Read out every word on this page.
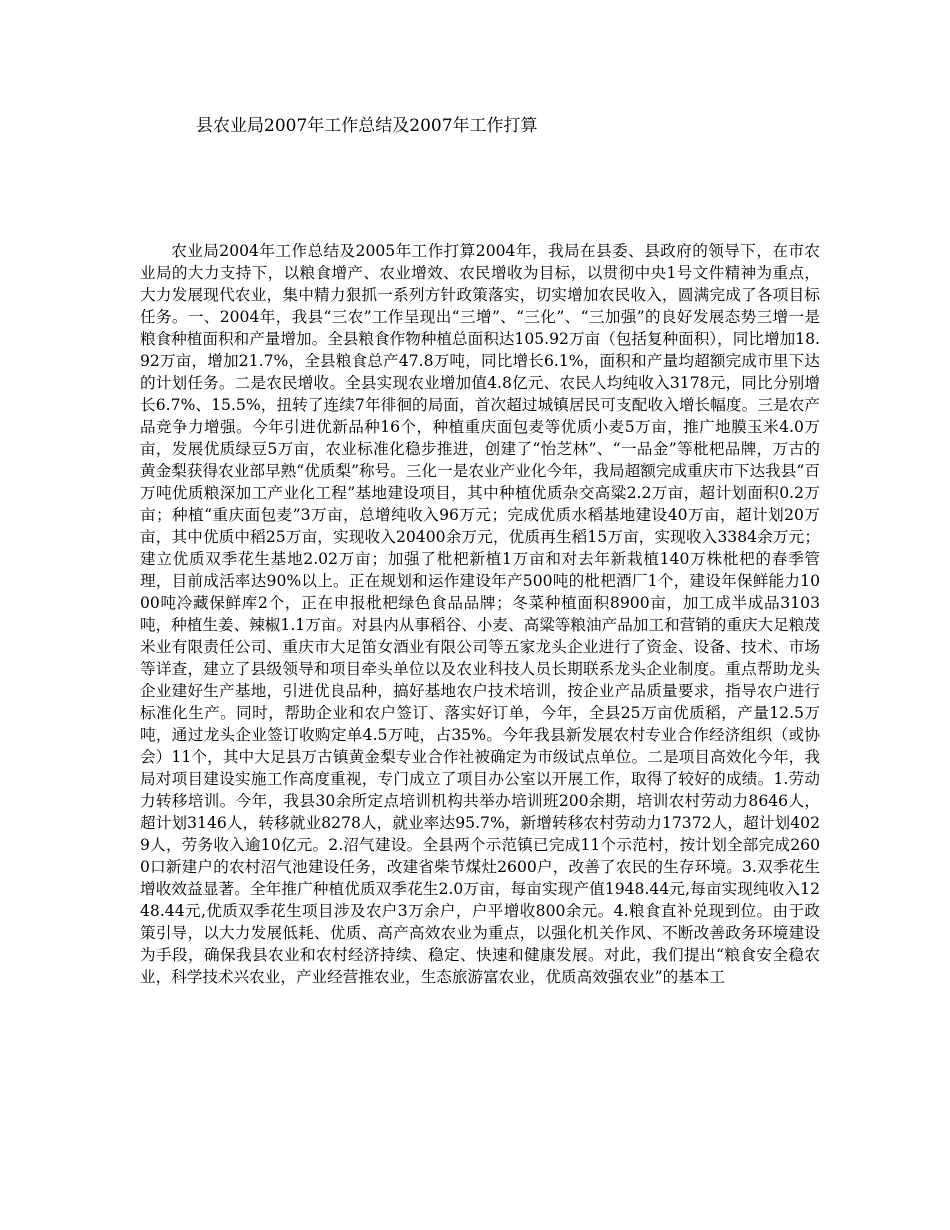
县农业局2007年工作总结及2007年工作打算

农业局2004年工作总结及2005年工作打算2004年，我局在县委、县政府的领导下，在市农业局的大力支持下，以粮食增产、农业增效、农民增收为目标，以贯彻中央1号文件精神为重点，大力发展现代农业，集中精力狠抓一系列方针政策落实，切实增加农民收入，圆满完成了各项目标任务。一、2004年，我县“三农”工作呈现出“三增”、“三化”、“三加强”的良好发展态势三增一是粮食种植面积和产量增加。全县粮食作物种植总面积达105.92万亩（包括复种面积），同比增加18.92万亩，增加21.7%，全县粮食总产47.8万吨，同比增长6.1%，面积和产量均超额完成市里下达的计划任务。二是农民增收。全县实现农业增加值4.8亿元、农民人均纯收入3178元，同比分别增长6.7%、15.5%，扭转了连续7年徘徊的局面，首次超过城镇居民可支配收入增长幅度。三是农产品竞争力增强。今年引进优新品种16个，种植重庆面包麦等优质小麦5万亩，推广地膜玉米4.0万亩，发展优质绿豆5万亩，农业标准化稳步推进，创建了“怡芝林”、“一品金”等枇杷品牌，万古的黄金梨获得农业部早熟“优质梨”称号。三化一是农业产业化今年，我局超额完成重庆市下达我县“百万吨优质粮深加工产业化工程”基地建设项目，其中种植优质杂交高粱2.2万亩，超计划面积0.2万亩；种植“重庆面包麦”3万亩，总增纯收入96万元；完成优质水稻基地建设40万亩，超计划20万亩，其中优质中稻25万亩，实现收入20400余万元，优质再生稻15万亩，实现收入3384余万元；建立优质双季花生基地2.02万亩；加强了枇杷新植1万亩和对去年新栽植140万株枇杷的春季管理，目前成活率达90%以上。正在规划和运作建设年产500吨的枇杷酒厂1个，建设年保鲜能力1000吨冷藏保鲜库2个，正在申报枇杷绿色食品品牌；冬菜种植面积8900亩，加工成半成品3103吨，种植生姜、辣椒1.1万亩。对县内从事稻谷、小麦、高粱等粮油产品加工和营销的重庆大足粮茂米业有限责任公司、重庆市大足笛女酒业有限公司等五家龙头企业进行了资金、设备、技术、市场等详查，建立了县级领导和项目牵头单位以及农业科技人员长期联系龙头企业制度。重点帮助龙头企业建好生产基地，引进优良品种，搞好基地农户技术培训，按企业产品质量要求，指导农户进行标准化生产。同时，帮助企业和农户签订、落实好订单，今年，全县25万亩优质稻，产量12.5万吨，通过龙头企业签订收购定单4.5万吨，占35%。今年我县新发展农村专业合作经济组织（或协会）11个，其中大足县万古镇黄金梨专业合作社被确定为市级试点单位。二是项目高效化今年，我局对项目建设实施工作高度重视，专门成立了项目办公室以开展工作，取得了较好的成绩。1.劳动力转移培训。今年，我县30余所定点培训机构共举办培训班200余期，培训农村劳动力8646人，超计划3146人，转移就业8278人，就业率达95.7%，新增转移农村劳动力17372人，超计划4029人，劳务收入逾10亿元。2.沼气建设。全县两个示范镇已完成11个示范村，按计划全部完成2600口新建户的农村沼气池建设任务，改建省柴节煤灶2600户，改善了农民的生存环境。3.双季花生增收效益显著。全年推广种植优质双季花生2.0万亩，每亩实现产值1948.44元,每亩实现纯收入1248.44元,优质双季花生项目涉及农户3万余户，户平增收800余元。4.粮食直补兑现到位。由于政策引导，以大力发展低耗、优质、高产高效农业为重点，以强化机关作风、不断改善政务环境建设为手段，确保我县农业和农村经济持续、稳定、快速和健康发展。对此，我们提出“粮食安全稳农业，科学技术兴农业，产业经营推农业，生态旅游富农业，优质高效强农业”的基本工
